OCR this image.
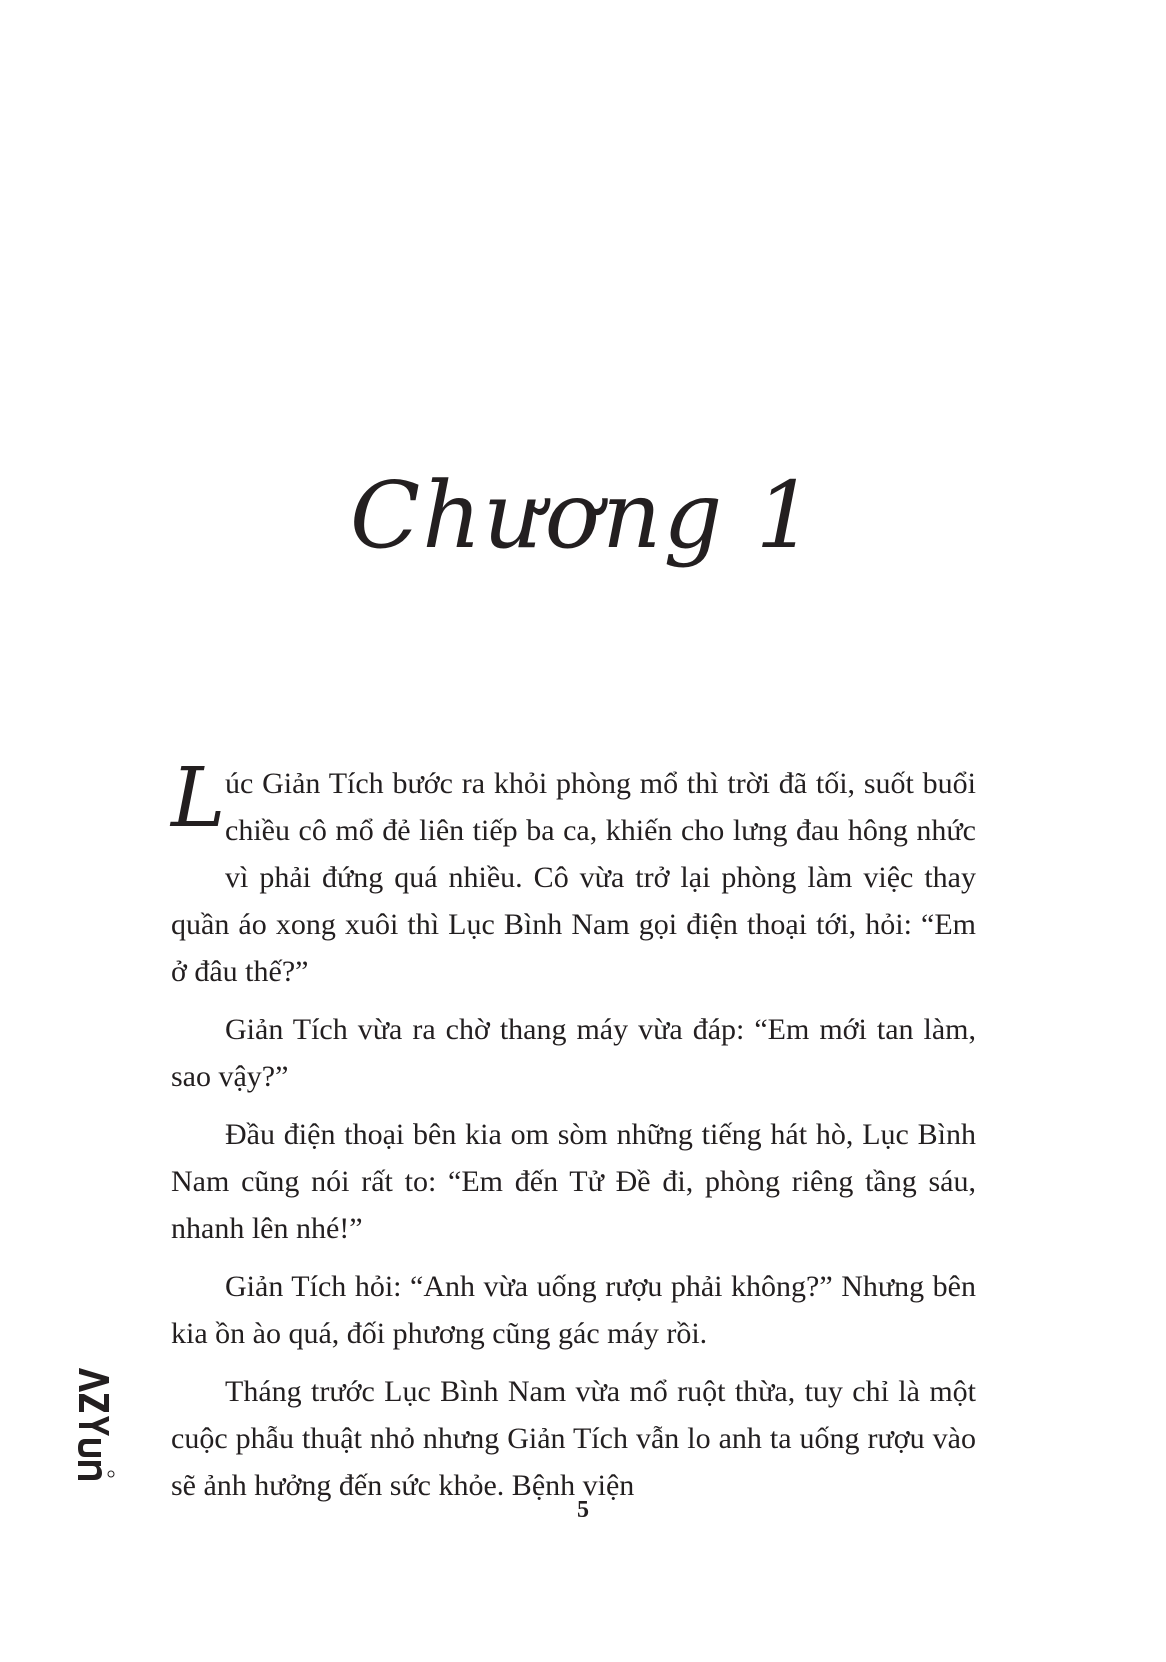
Chương 1

Lúc Giản Tích bước ra khỏi phòng mổ thì trời đã tối, suốt buổi chiều cô mổ đẻ liên tiếp ba ca, khiến cho lưng đau hông nhức vì phải đứng quá nhiều. Cô vừa trở lại phòng làm việc thay quần áo xong xuôi thì Lục Bình Nam gọi điện thoại tới, hỏi: “Em ở đâu thế?”

Giản Tích vừa ra chờ thang máy vừa đáp: “Em mới tan làm, sao vậy?”

Đầu điện thoại bên kia om sòm những tiếng hát hò, Lục Bình Nam cũng nói rất to: “Em đến Tử Đề đi, phòng riêng tầng sáu, nhanh lên nhé!”

Giản Tích hỏi: “Anh vừa uống rượu phải không?” Nhưng bên kia ồn ào quá, đối phương cũng gác máy rồi.

Tháng trước Lục Bình Nam vừa mổ ruột thừa, tuy chỉ là một cuộc phẫu thuật nhỏ nhưng Giản Tích vẫn lo anh ta uống rượu vào sẽ ảnh hưởng đến sức khỏe. Bệnh viện

5
